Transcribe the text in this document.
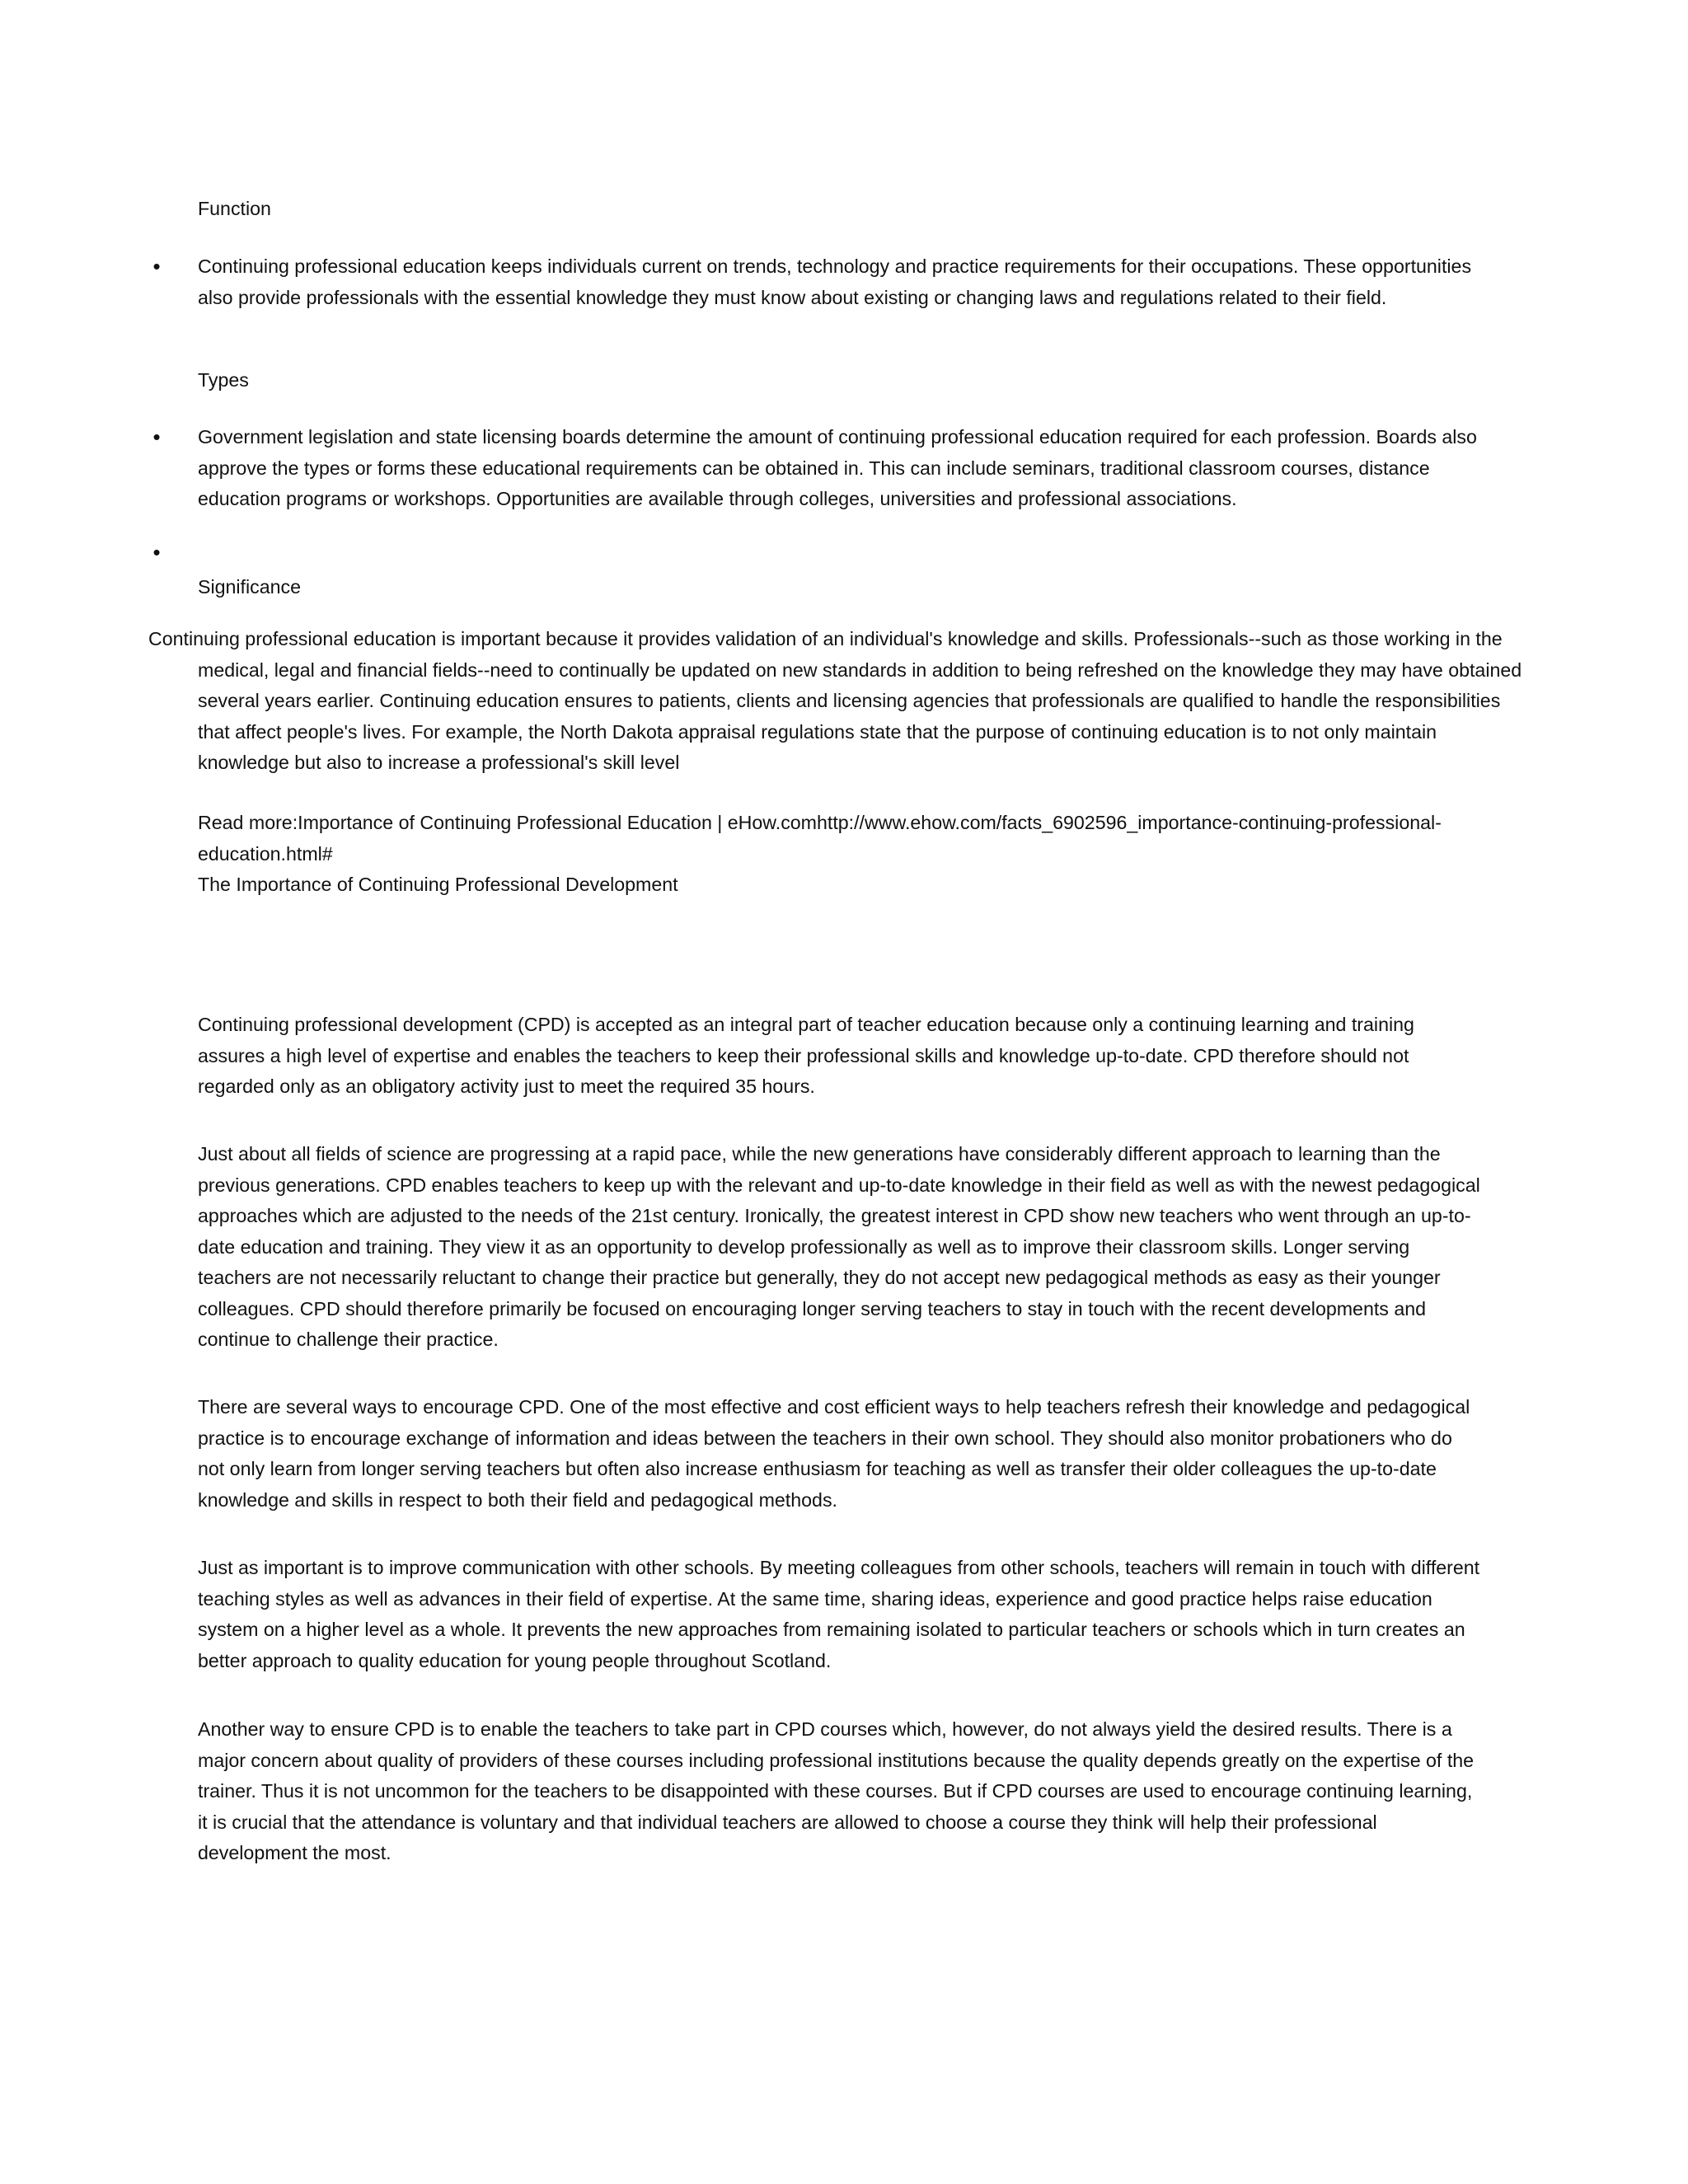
Function

• Continuing professional education keeps individuals current on trends, technology and practice requirements for their occupations. These opportunities also provide professionals with the essential knowledge they must know about existing or changing laws and regulations related to their field.

Types

• Government legislation and state licensing boards determine the amount of continuing professional education required for each profession. Boards also approve the types or forms these educational requirements can be obtained in. This can include seminars, traditional classroom courses, distance education programs or workshops. Opportunities are available through colleges, universities and professional associations.

•

Significance

Continuing professional education is important because it provides validation of an individual's knowledge and skills. Professionals--such as those working in the medical, legal and financial fields--need to continually be updated on new standards in addition to being refreshed on the knowledge they may have obtained several years earlier. Continuing education ensures to patients, clients and licensing agencies that professionals are qualified to handle the responsibilities that affect people's lives. For example, the North Dakota appraisal regulations state that the purpose of continuing education is to not only maintain knowledge but also to increase a professional's skill level

Read more:Importance of Continuing Professional Education | eHow.comhttp://www.ehow.com/facts_6902596_importance-continuing-professional-education.html#

The Importance of Continuing Professional Development

Continuing professional development (CPD) is accepted as an integral part of teacher education because only a continuing learning and training assures a high level of expertise and enables the teachers to keep their professional skills and knowledge up-to-date. CPD therefore should not regarded only as an obligatory activity just to meet the required 35 hours.

Just about all fields of science are progressing at a rapid pace, while the new generations have considerably different approach to learning than the previous generations. CPD enables teachers to keep up with the relevant and up-to-date knowledge in their field as well as with the newest pedagogical approaches which are adjusted to the needs of the 21st century. Ironically, the greatest interest in CPD show new teachers who went through an up-to-date education and training. They view it as an opportunity to develop professionally as well as to improve their classroom skills. Longer serving teachers are not necessarily reluctant to change their practice but generally, they do not accept new pedagogical methods as easy as their younger colleagues. CPD should therefore primarily be focused on encouraging longer serving teachers to stay in touch with the recent developments and continue to challenge their practice.

There are several ways to encourage CPD. One of the most effective and cost efficient ways to help teachers refresh their knowledge and pedagogical practice is to encourage exchange of information and ideas between the teachers in their own school. They should also monitor probationers who do not only learn from longer serving teachers but often also increase enthusiasm for teaching as well as transfer their older colleagues the up-to-date knowledge and skills in respect to both their field and pedagogical methods.

Just as important is to improve communication with other schools. By meeting colleagues from other schools, teachers will remain in touch with different teaching styles as well as advances in their field of expertise. At the same time, sharing ideas, experience and good practice helps raise education system on a higher level as a whole. It prevents the new approaches from remaining isolated to particular teachers or schools which in turn creates an better approach to quality education for young people throughout Scotland.

Another way to ensure CPD is to enable the teachers to take part in CPD courses which, however, do not always yield the desired results. There is a major concern about quality of providers of these courses including professional institutions because the quality depends greatly on the expertise of the trainer. Thus it is not uncommon for the teachers to be disappointed with these courses. But if CPD courses are used to encourage continuing learning, it is crucial that the attendance is voluntary and that individual teachers are allowed to choose a course they think will help their professional development the most.
